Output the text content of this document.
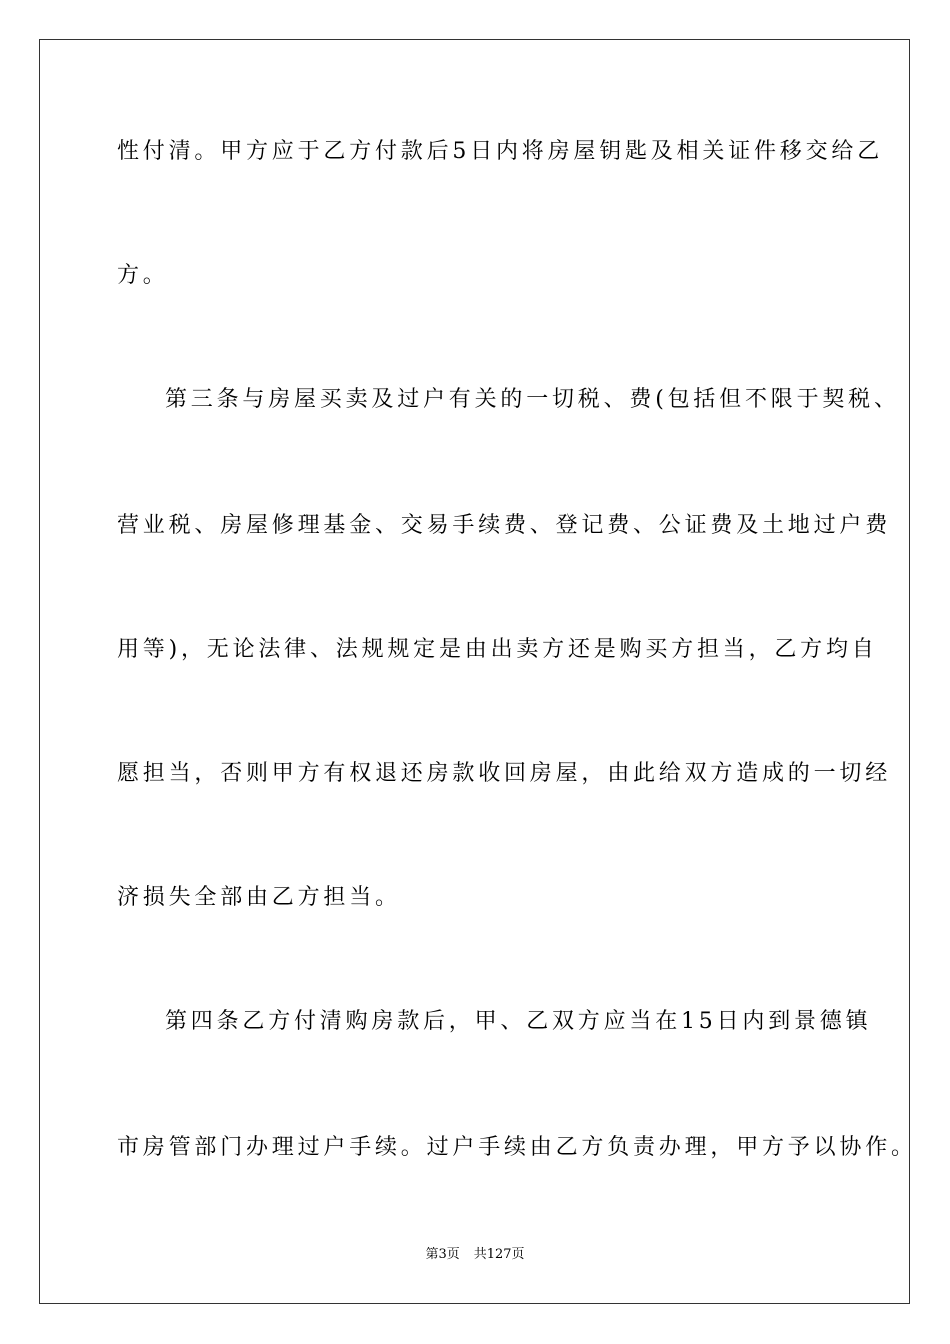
性付清。甲方应于乙方付款后5日内将房屋钥匙及相关证件移交给乙
方。
第三条与房屋买卖及过户有关的一切税、费(包括但不限于契税、
营业税、房屋修理基金、交易手续费、登记费、公证费及土地过户费
用等)，无论法律、法规规定是由出卖方还是购买方担当，乙方均自
愿担当，否则甲方有权退还房款收回房屋，由此给双方造成的一切经
济损失全部由乙方担当。
第四条乙方付清购房款后，甲、乙双方应当在15日内到景德镇
市房管部门办理过户手续。过户手续由乙方负责办理，甲方予以协作。
第3页 共127页
